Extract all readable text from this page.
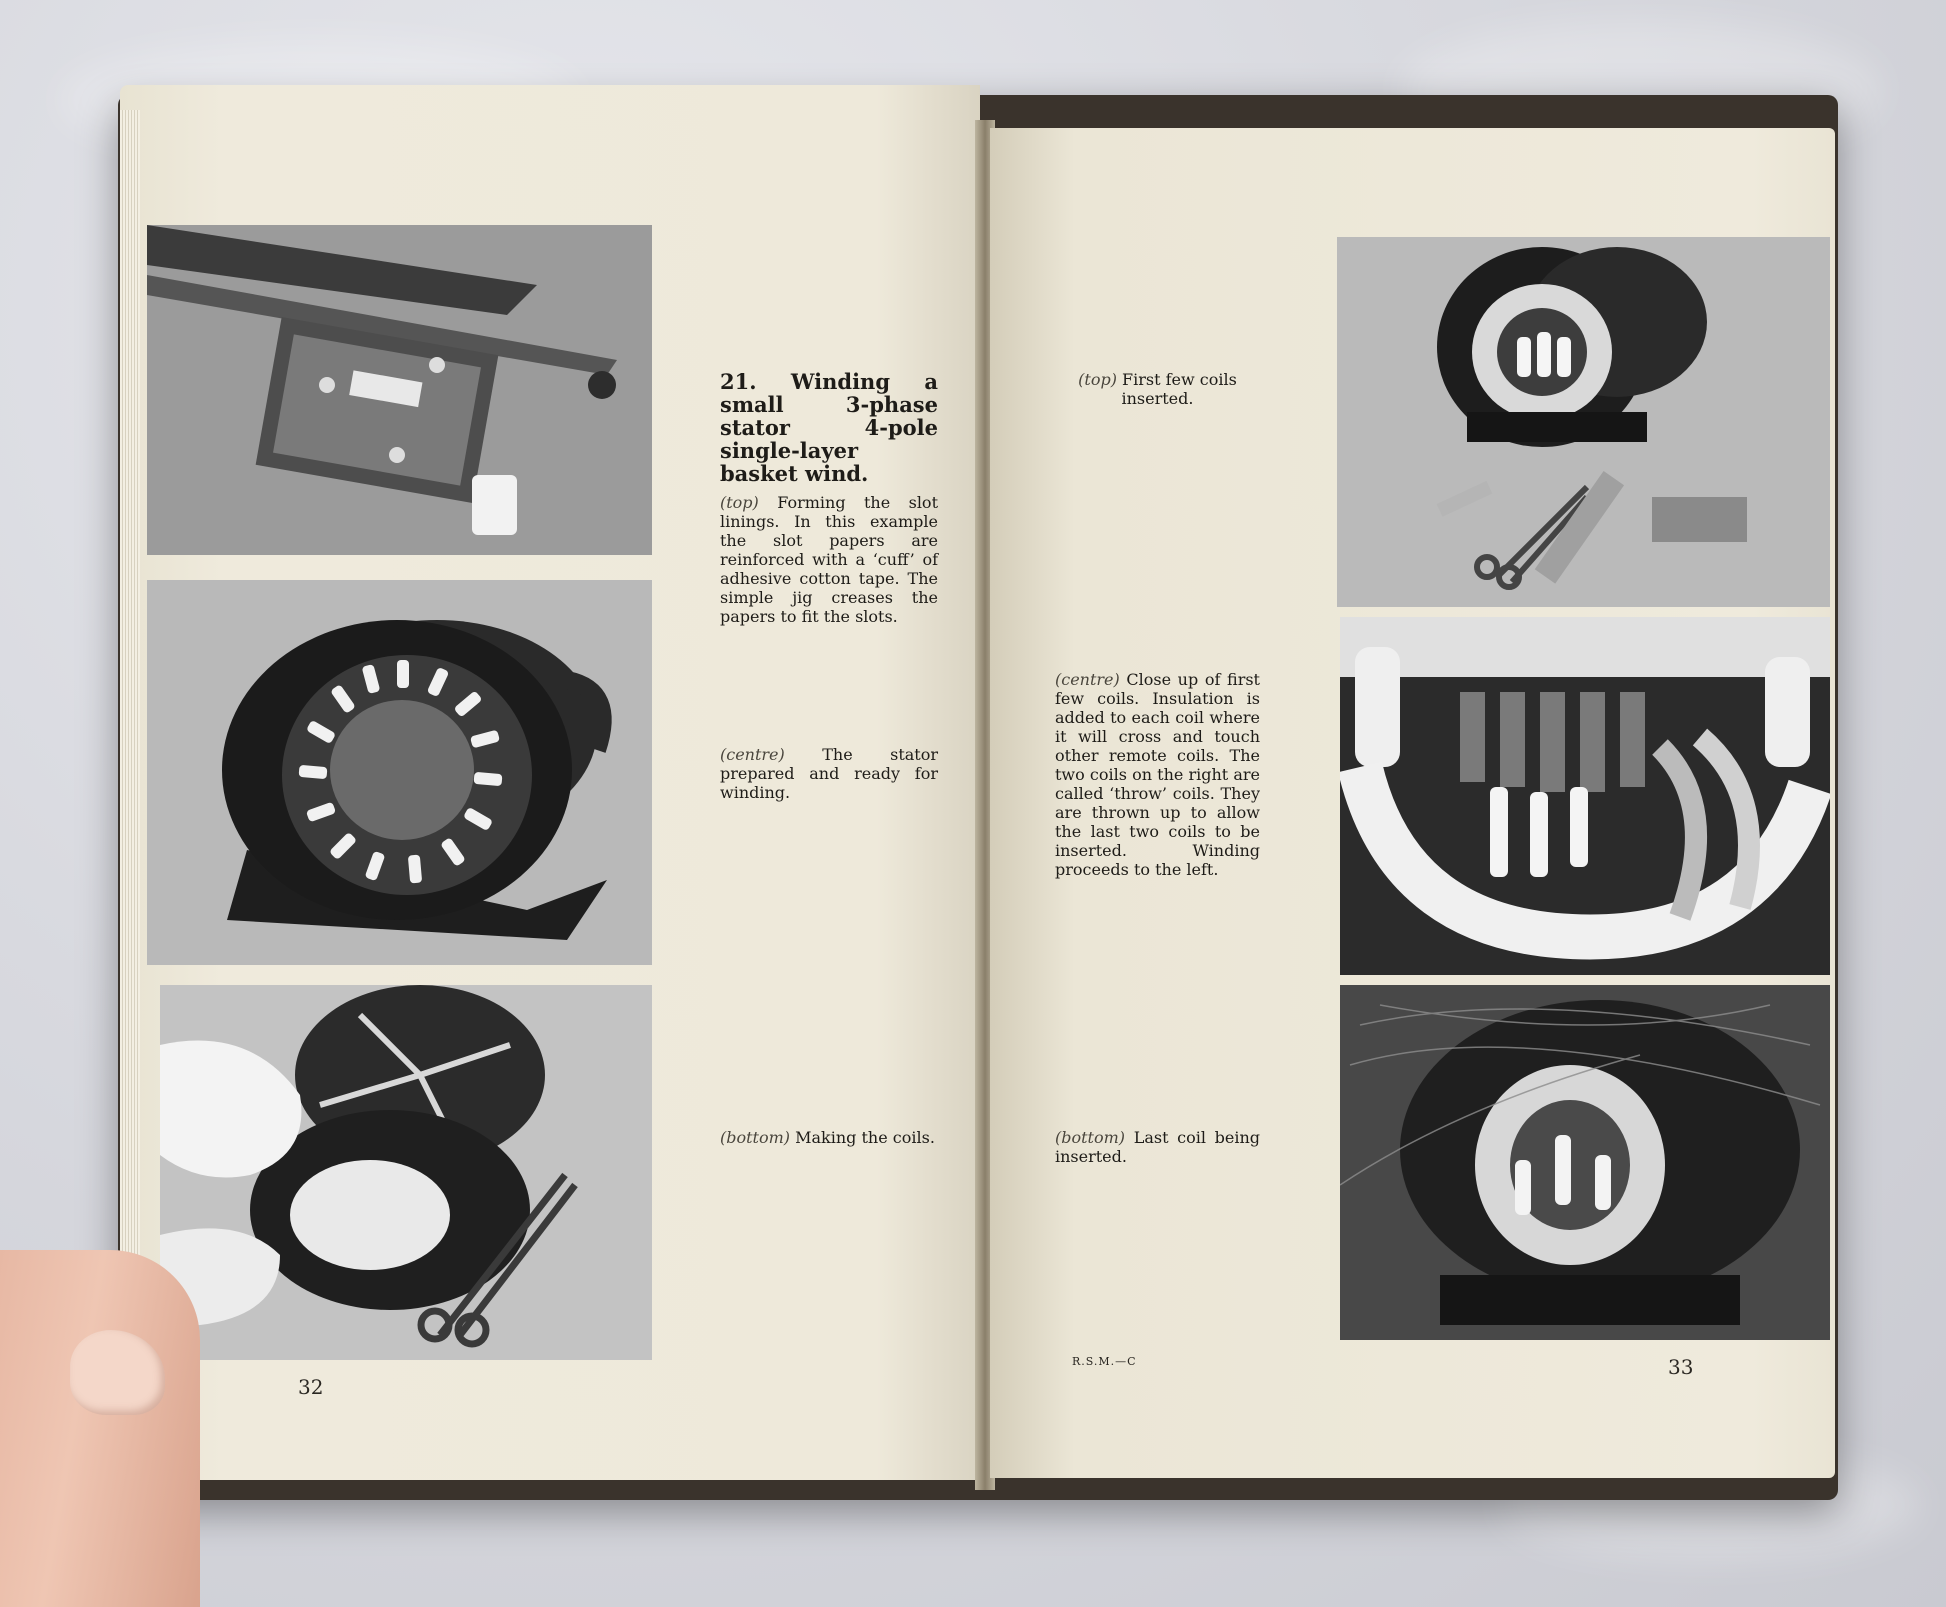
21. Winding a small 3-phase stator 4-pole single-layer basket wind.
(top) Forming the slot linings. In this example the slot papers are reinforced with a ‘cuff’ of adhesive cotton tape. The simple jig creases the papers to fit the slots.
(centre) The stator prepared and ready for winding.
(bottom) Making the coils.
32
(top) First few coils inserted.
(centre) Close up of first few coils. Insulation is added to each coil where it will cross and touch other remote coils. The two coils on the right are called ‘throw’ coils. They are thrown up to allow the last two coils to be inserted. Winding proceeds to the left.
(bottom) Last coil being inserted.
R.S.M.—C	33
